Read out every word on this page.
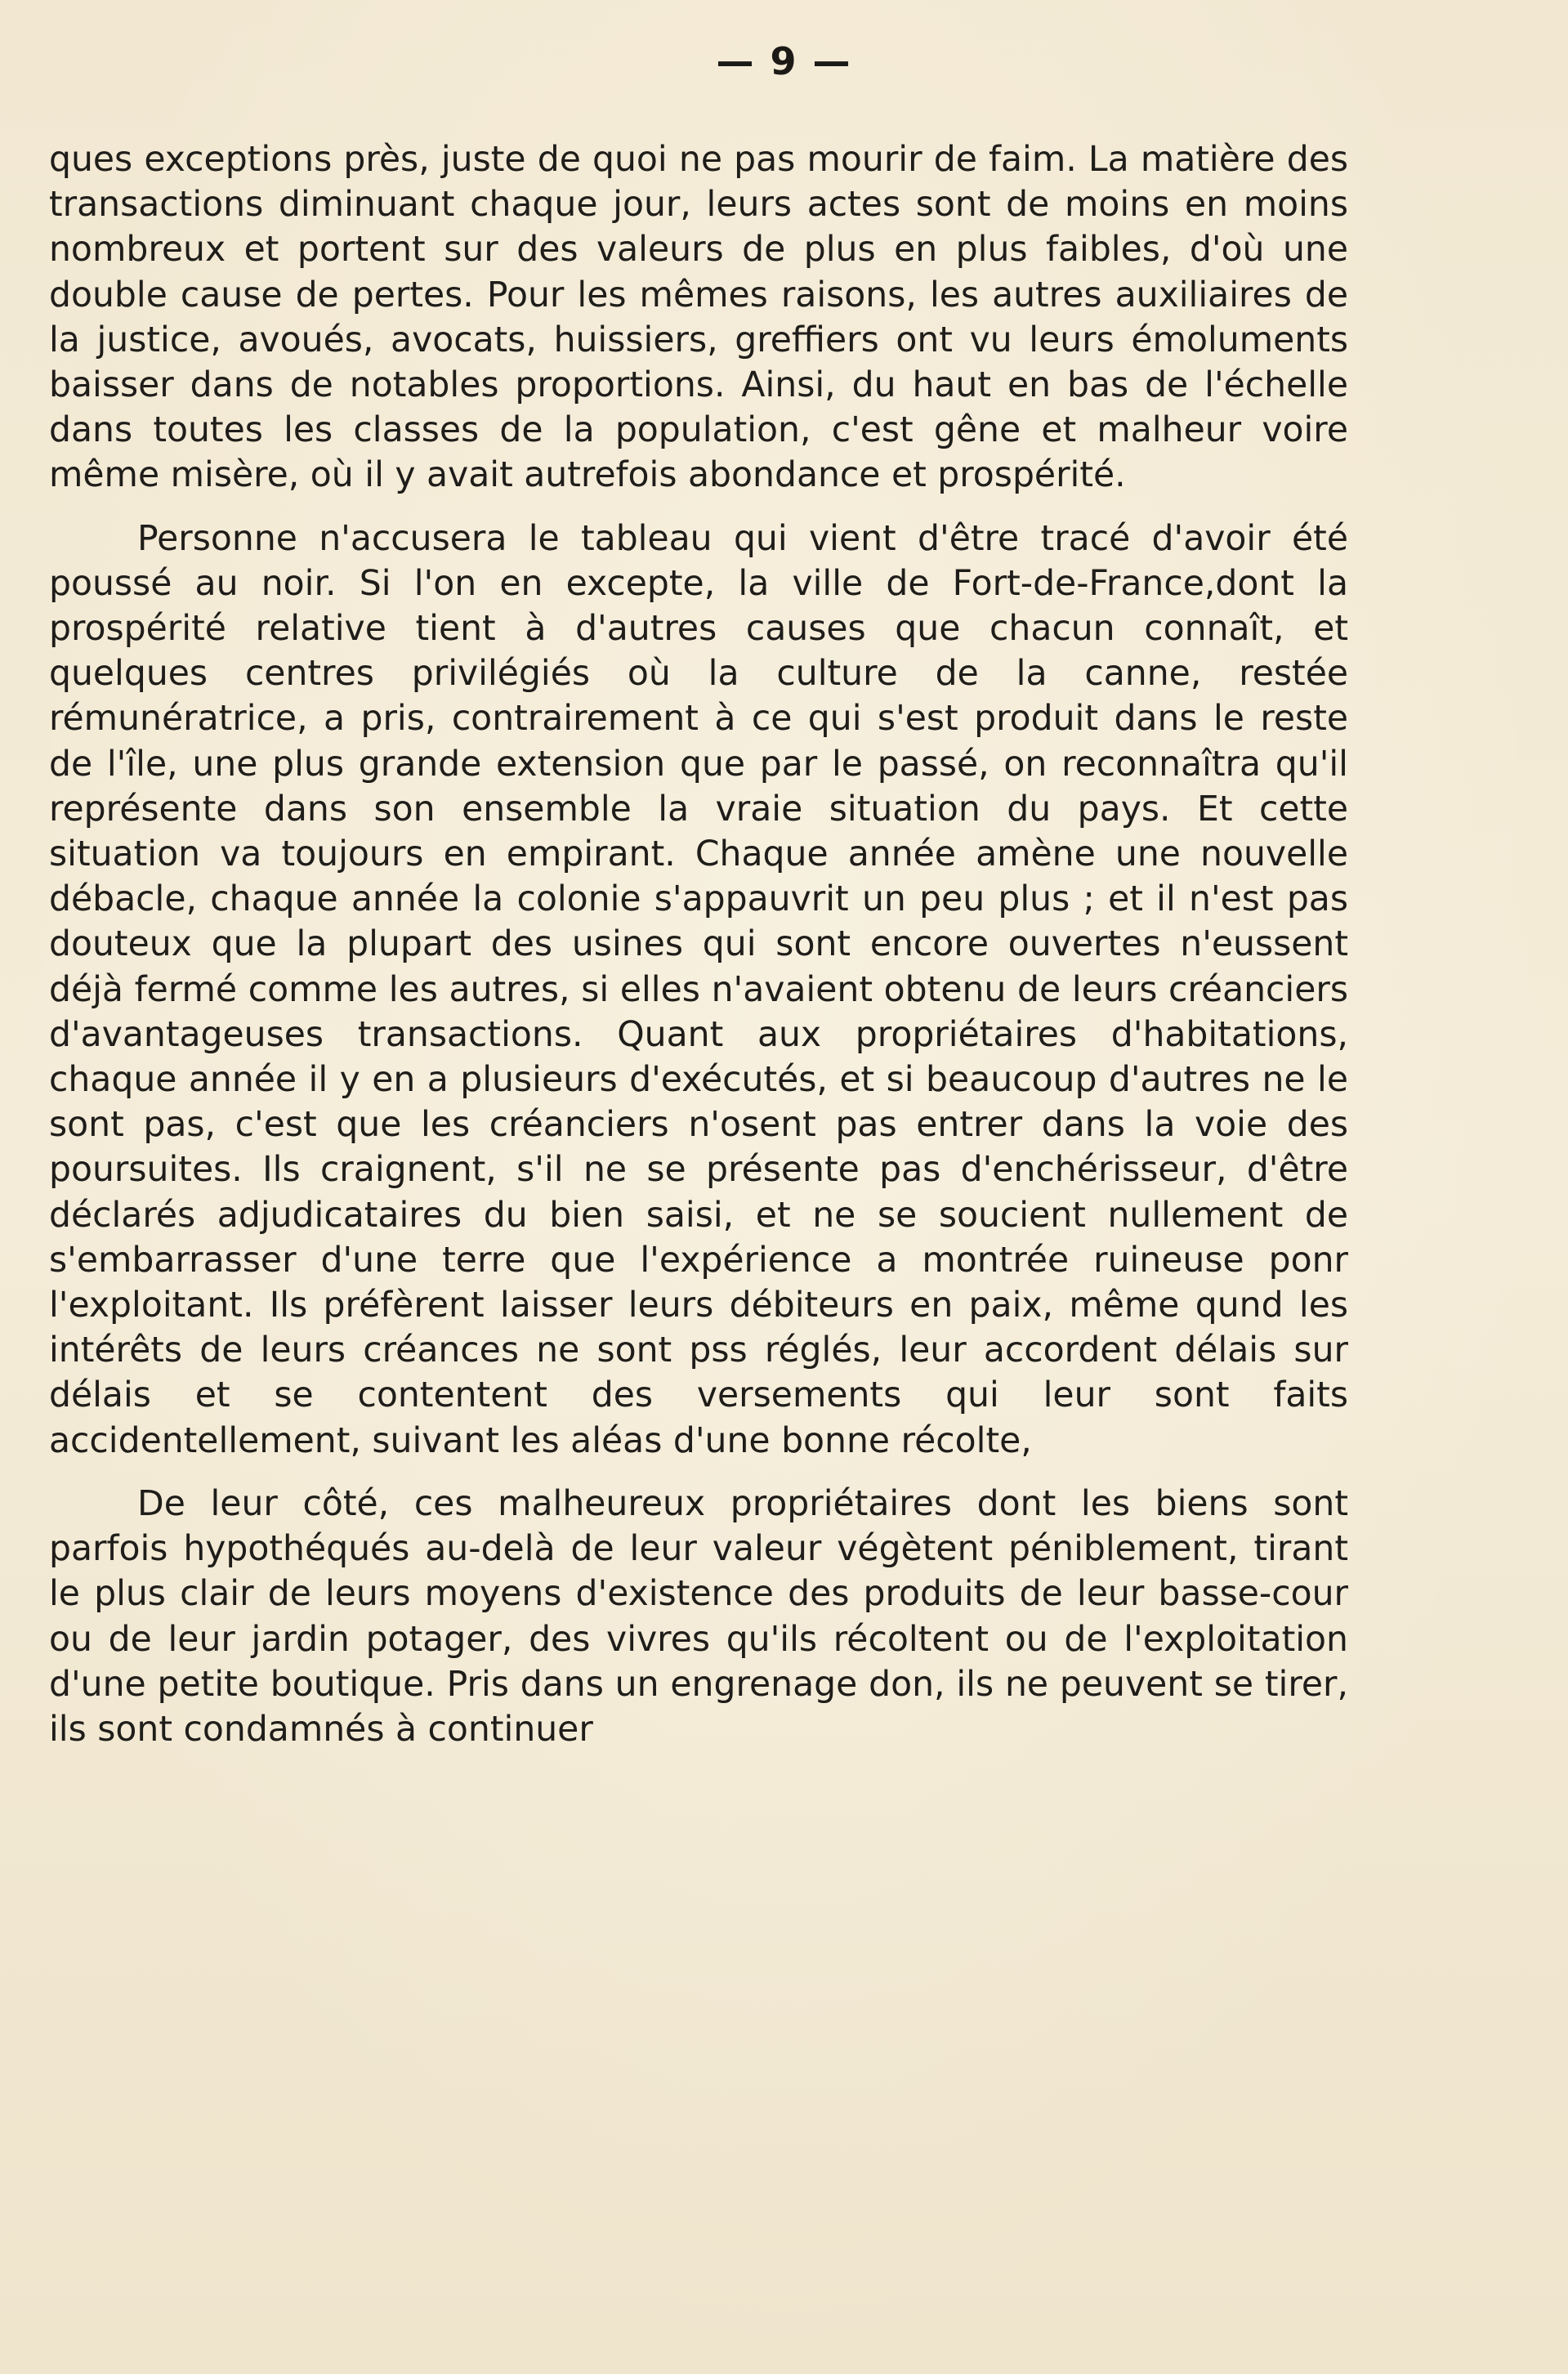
— 9 —

ques exceptions près, juste de quoi ne pas mourir de faim. La matière des transactions diminuant chaque jour, leurs actes sont de moins en moins nombreux et portent sur des valeurs de plus en plus faibles, d'où une double cause de pertes. Pour les mêmes raisons, les autres auxiliaires de la justice, avoués, avocats, huissiers, greffiers ont vu leurs émoluments baisser dans de notables proportions. Ainsi, du haut en bas de l'échelle dans toutes les classes de la population, c'est gêne et malheur voire même misère, où il y avait autrefois abondance et prospérité.

Personne n'accusera le tableau qui vient d'être tracé d'avoir été poussé au noir. Si l'on en excepte, la ville de Fort-de-France,dont la prospérité relative tient à d'autres causes que chacun connaît, et quelques centres privilégiés où la culture de la canne, restée rémunératrice, a pris, contrairement à ce qui s'est produit dans le reste de l'île, une plus grande extension que par le passé, on reconnaîtra qu'il représente dans son ensemble la vraie situation du pays. Et cette situation va toujours en empirant. Chaque année amène une nouvelle débacle, chaque année la colonie s'appauvrit un peu plus ; et il n'est pas douteux que la plupart des usines qui sont encore ouvertes n'eussent déjà fermé comme les autres, si elles n'avaient obtenu de leurs créanciers d'avantageuses transactions. Quant aux propriétaires d'habitations, chaque année il y en a plusieurs d'exécutés, et si beaucoup d'autres ne le sont pas, c'est que les créanciers n'osent pas entrer dans la voie des poursuites. Ils craignent, s'il ne se présente pas d'enchérisseur, d'être déclarés adjudicataires du bien saisi, et ne se soucient nullement de s'embarrasser d'une terre que l'expérience a montrée ruineuse ponr l'exploitant. Ils préfèrent laisser leurs débiteurs en paix, même qund les intérêts de leurs créances ne sont pss réglés, leur accordent délais sur délais et se contentent des versements qui leur sont faits accidentellement, suivant les aléas d'une bonne récolte,

De leur côté, ces malheureux propriétaires dont les biens sont parfois hypothéqués au-delà de leur valeur végètent péniblement, tirant le plus clair de leurs moyens d'existence des produits de leur basse-cour ou de leur jardin potager, des vivres qu'ils récoltent ou de l'exploitation d'une petite boutique. Pris dans un engrenage don, ils ne peuvent se tirer, ils sont condamnés à continuer
